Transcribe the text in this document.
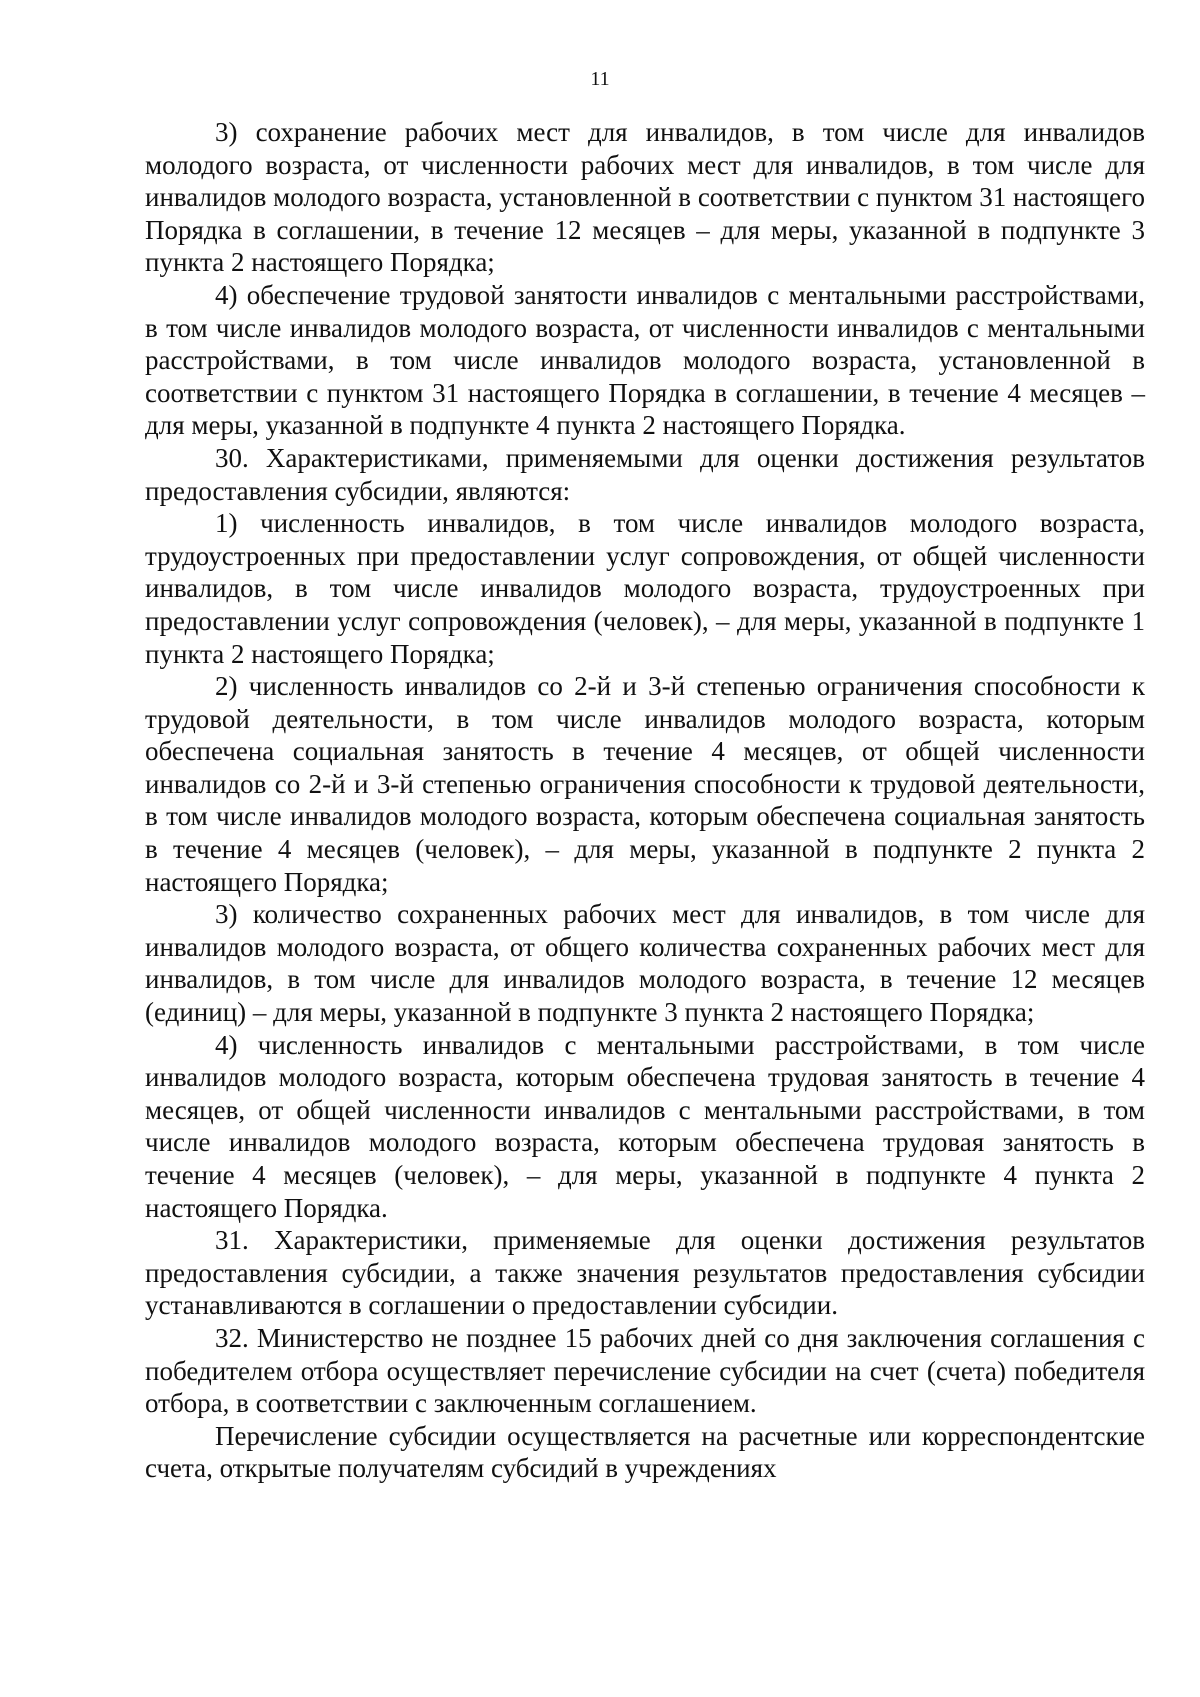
11

3) сохранение рабочих мест для инвалидов, в том числе для инвалидов молодого возраста, от численности рабочих мест для инвалидов, в том числе для инвалидов молодого возраста, установленной в соответствии с пунктом 31 настоящего Порядка в соглашении, в течение 12 месяцев – для меры, указанной в подпункте 3 пункта 2 настоящего Порядка;

4) обеспечение трудовой занятости инвалидов с ментальными расстройствами, в том числе инвалидов молодого возраста, от численности инвалидов с ментальными расстройствами, в том числе инвалидов молодого возраста, установленной в соответствии с пунктом 31 настоящего Порядка в соглашении, в течение 4 месяцев – для меры, указанной в подпункте 4 пункта 2 настоящего Порядка.

30. Характеристиками, применяемыми для оценки достижения результатов предоставления субсидии, являются:

1) численность инвалидов, в том числе инвалидов молодого возраста, трудоустроенных при предоставлении услуг сопровождения, от общей численности инвалидов, в том числе инвалидов молодого возраста, трудоустроенных при предоставлении услуг сопровождения (человек), – для меры, указанной в подпункте 1 пункта 2 настоящего Порядка;

2) численность инвалидов со 2-й и 3-й степенью ограничения способности к трудовой деятельности, в том числе инвалидов молодого возраста, которым обеспечена социальная занятость в течение 4 месяцев, от общей численности инвалидов со 2-й и 3-й степенью ограничения способности к трудовой деятельности, в том числе инвалидов молодого возраста, которым обеспечена социальная занятость в течение 4 месяцев (человек), – для меры, указанной в подпункте 2 пункта 2 настоящего Порядка;

3) количество сохраненных рабочих мест для инвалидов, в том числе для инвалидов молодого возраста, от общего количества сохраненных рабочих мест для инвалидов, в том числе для инвалидов молодого возраста, в течение 12 месяцев (единиц) – для меры, указанной в подпункте 3 пункта 2 настоящего Порядка;

4) численность инвалидов с ментальными расстройствами, в том числе инвалидов молодого возраста, которым обеспечена трудовая занятость в течение 4 месяцев, от общей численности инвалидов с ментальными расстройствами, в том числе инвалидов молодого возраста, которым обеспечена трудовая занятость в течение 4 месяцев (человек), – для меры, указанной в подпункте 4 пункта 2 настоящего Порядка.

31. Характеристики, применяемые для оценки достижения результатов предоставления субсидии, а также значения результатов предоставления субсидии устанавливаются в соглашении о предоставлении субсидии.

32. Министерство не позднее 15 рабочих дней со дня заключения соглашения с победителем отбора осуществляет перечисление субсидии на счет (счета) победителя отбора, в соответствии с заключенным соглашением.

Перечисление субсидии осуществляется на расчетные или корреспондентские счета, открытые получателям субсидий в учреждениях
